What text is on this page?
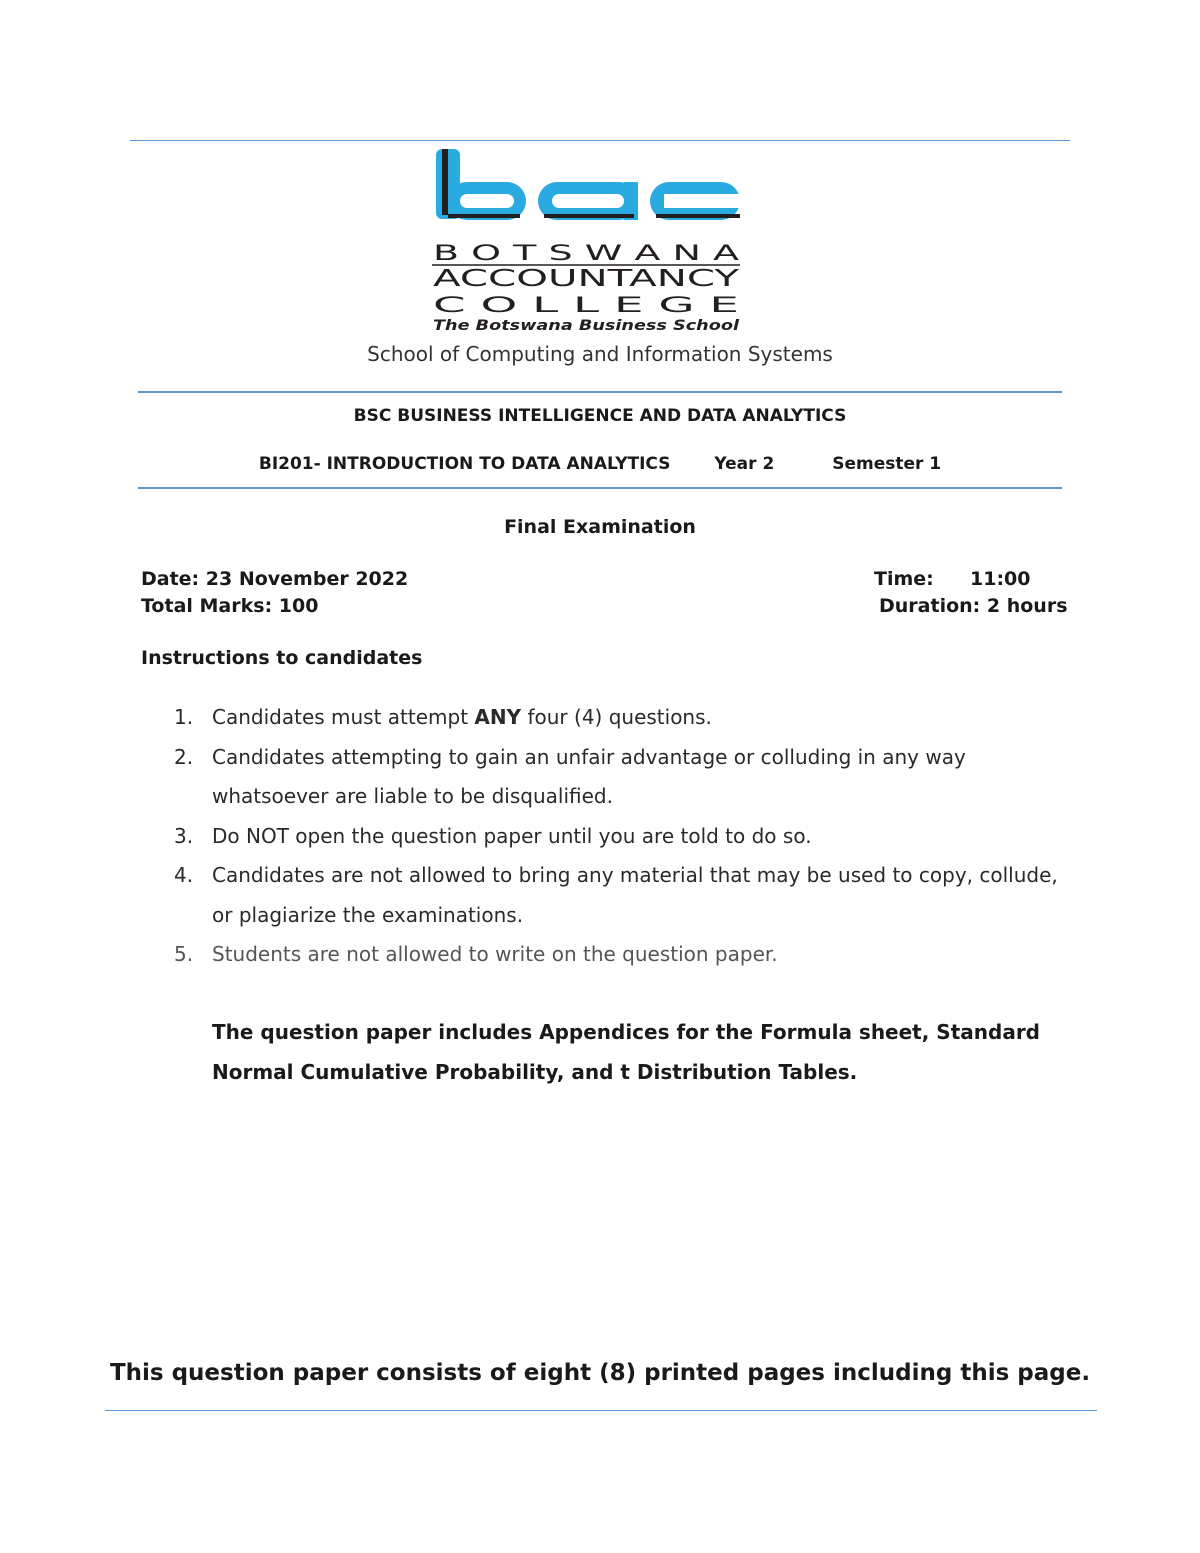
B O T S W A N A
ACCOUNTANCY
C O L L E G E
The Botswana Business School
School of Computing and Information Systems
BSC BUSINESS INTELLIGENCE AND DATA ANALYTICS
BI201- INTRODUCTION TO DATA ANALYTICS	Year 2	Semester 1
Final Examination
Date: 23 November 2022
Total Marks: 100
Time: 11:00
Duration: 2 hours
Instructions to candidates
1. Candidates must attempt ANY four (4) questions.
2. Candidates attempting to gain an unfair advantage or colluding in any way whatsoever are liable to be disqualified.
3. Do NOT open the question paper until you are told to do so.
4. Candidates are not allowed to bring any material that may be used to copy, collude, or plagiarize the examinations.
5. Students are not allowed to write on the question paper.
The question paper includes Appendices for the Formula sheet, Standard Normal Cumulative Probability, and t Distribution Tables.
This question paper consists of eight (8) printed pages including this page.
